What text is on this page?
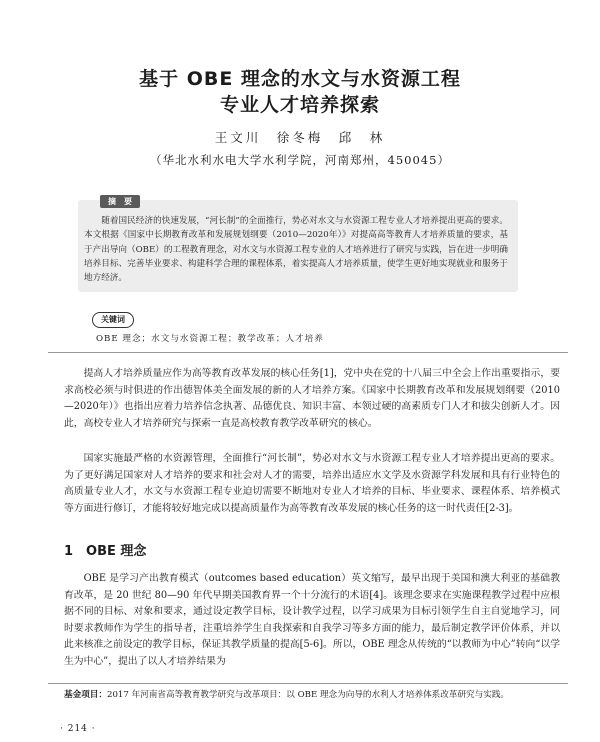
基于 OBE 理念的水文与水资源工程
专业人才培养探索
王文川　徐冬梅　邱　林
（华北水利水电大学水利学院，河南郑州，450045）
摘　要

随着国民经济的快速发展，“河长制”的全面推行，势必对水文与水资源工程专业人才培养提出更高的要求。本文根据《国家中长期教育改革和发展规划纲要（2010—2020年）》对提高高等教育人才培养质量的要求，基于产出导向（OBE）的工程教育理念，对水文与水资源工程专业的人才培养进行了研究与实践，旨在进一步明确培养目标、完善毕业要求、构建科学合理的课程体系，着实提高人才培养质量，使学生更好地实现就业和服务于地方经济。

关键词
OBE 理念；水文与水资源工程；教学改革；人才培养

提高人才培养质量应作为高等教育改革发展的核心任务[1]，党中央在党的十八届三中全会上作出重要指示，要求高校必须与时俱进的作出德智体美全面发展的新的人才培养方案。《国家中长期教育改革和发展规划纲要（2010—2020年）》也指出应着力培养信念执著、品德优良、知识丰富、本领过硬的高素质专门人才和拔尖创新人才。因此，高校专业人才培养研究与探索一直是高校教育教学改革研究的核心。

国家实施最严格的水资源管理，全面推行“河长制”，势必对水文与水资源工程专业人才培养提出更高的要求。为了更好满足国家对人才培养的要求和社会对人才的需要，培养出适应水文学及水资源学科发展和具有行业特色的高质量专业人才，水文与水资源工程专业迫切需要不断地对专业人才培养的目标、毕业要求、课程体系、培养模式等方面进行修订，才能将较好地完成以提高质量作为高等教育改革发展的核心任务的这一时代责任[2-3]。

1　OBE 理念

OBE 是学习产出教育模式（outcomes based education）英文缩写，最早出现于美国和澳大利亚的基础教育改革，是 20 世纪 80—90 年代早期美国教育界一个十分流行的术语[4]。该理念要求在实施课程教学过程中应根据不同的目标、对象和要求，通过设定教学目标，设计教学过程，以学习成果为目标引领学生自主自觉地学习，同时要求教师作为学生的指导者，注重培养学生自我探索和自我学习等多方面的能力，最后制定教学评价体系，并以此来核准之前设定的教学目标，保证其教学质量的提高[5-6]。所以，OBE 理念从传统的“以教师为中心”转向“以学生为中心”，提出了以人才培养结果为

基金项目：2017 年河南省高等教育教学研究与改革项目：以 OBE 理念为向导的水利人才培养体系改革研究与实践。
· 214 ·
